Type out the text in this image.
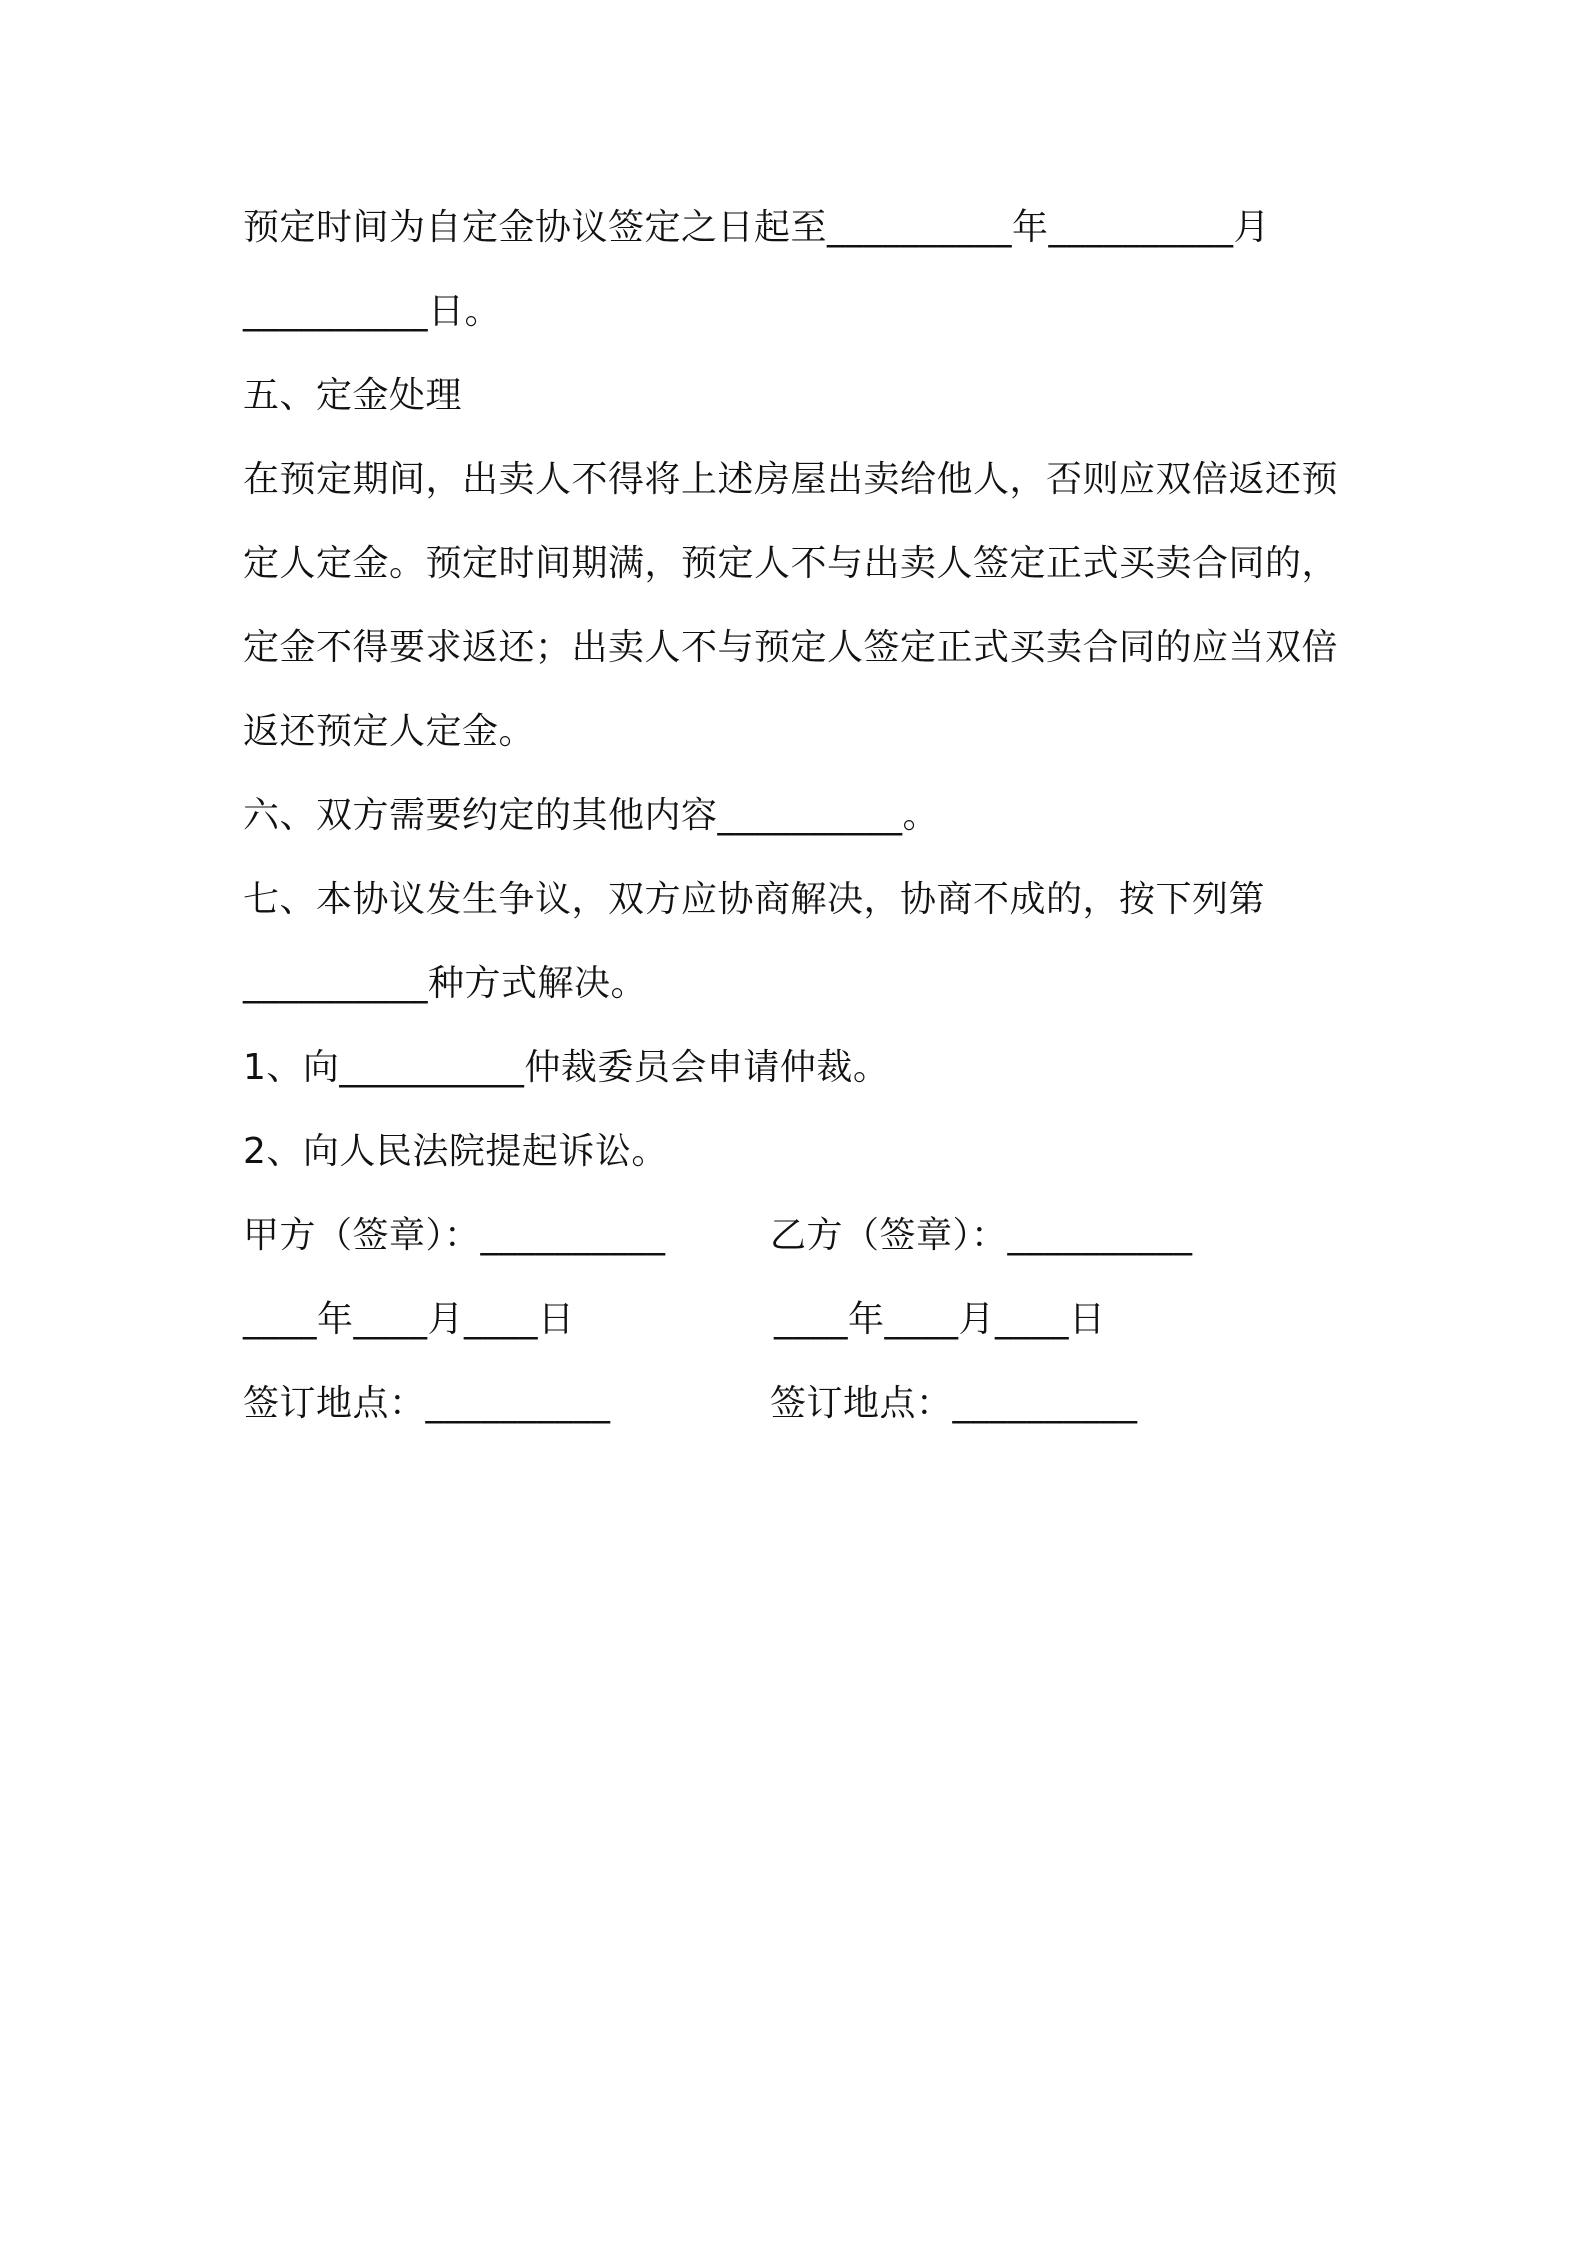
预定时间为自定金协议签定之日起至__________年__________月
__________日。
五、定金处理
在预定期间，出卖人不得将上述房屋出卖给他人，否则应双倍返还预
定人定金。预定时间期满，预定人不与出卖人签定正式买卖合同的，
定金不得要求返还；出卖人不与预定人签定正式买卖合同的应当双倍
返还预定人定金。
六、双方需要约定的其他内容__________。
七、本协议发生争议，双方应协商解决，协商不成的，按下列第
__________种方式解决。
1、向__________仲裁委员会申请仲裁。
2、向人民法院提起诉讼。
甲方（签章）：__________	乙方（签章）：__________
____年____月____日	____年____月____日
签订地点：__________	签订地点：__________
